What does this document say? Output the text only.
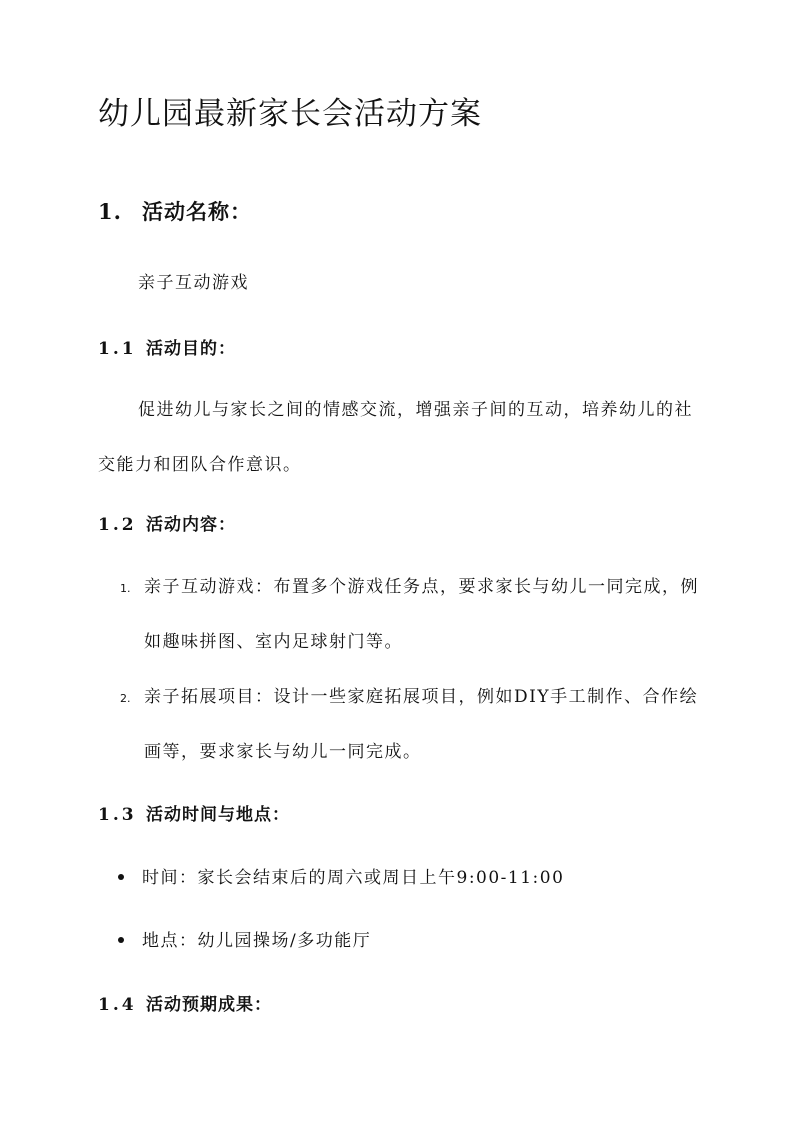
幼儿园最新家长会活动方案
1. 活动名称：

亲子互动游戏

1.1 活动目的：

促进幼儿与家长之间的情感交流，增强亲子间的互动，培养幼儿的社交能力和团队合作意识。

1.2 活动内容：
1. 亲子互动游戏：布置多个游戏任务点，要求家长与幼儿一同完成，例如趣味拼图、室内足球射门等。
2. 亲子拓展项目：设计一些家庭拓展项目，例如DIY手工制作、合作绘画等，要求家长与幼儿一同完成。
1.3 活动时间与地点：
时间：家长会结束后的周六或周日上午9:00-11:00
地点：幼儿园操场/多功能厅
1.4 活动预期成果：
